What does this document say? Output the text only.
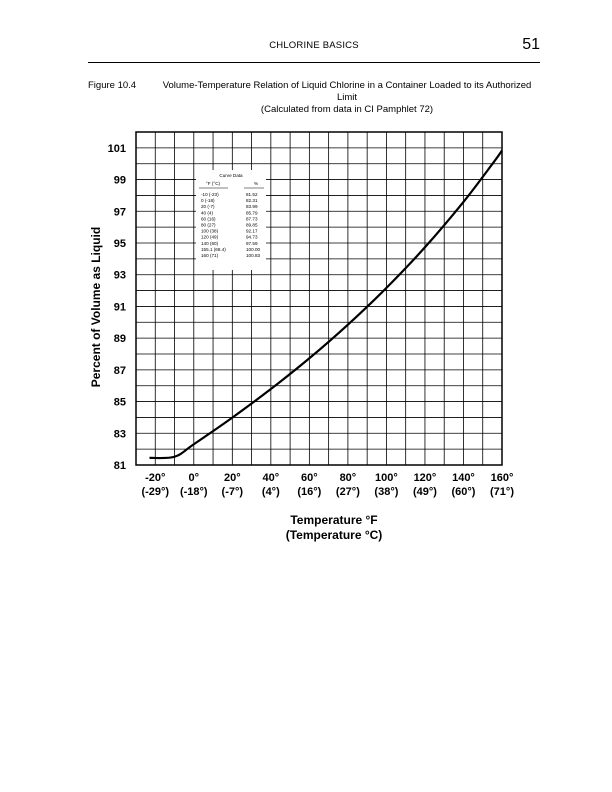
CHLORINE BASICS	51
Figure 10.4	Volume-Temperature Relation of Liquid Chlorine in a Container Loaded to its Authorized Limit
(Calculated from data in CI Pamphlet 72)
Curve Data
°F (°C)	%
-10 (-23)	81.52
0 (-18)	82.31
20 (-7)	83.99
40 (4)	85.79
60 (16)	87.73
80 (27)	89.85
100 (38)	92.17
120 (49)	94.73
140 (60)	97.59
155.1 (68.4)	100.00
160 (71)	100.83
81
83
85
87
89
91
93
95
97
99
101
-20°
(-29°)
0°
(-18°)
20°
(-7°)
40°
(4°)
60°
(16°)
80°
(27°)
100°
(38°)
120°
(49°)
140°
(60°)
160°
(71°)
Percent of Volume as Liquid
Temperature °F
(Temperature °C)
